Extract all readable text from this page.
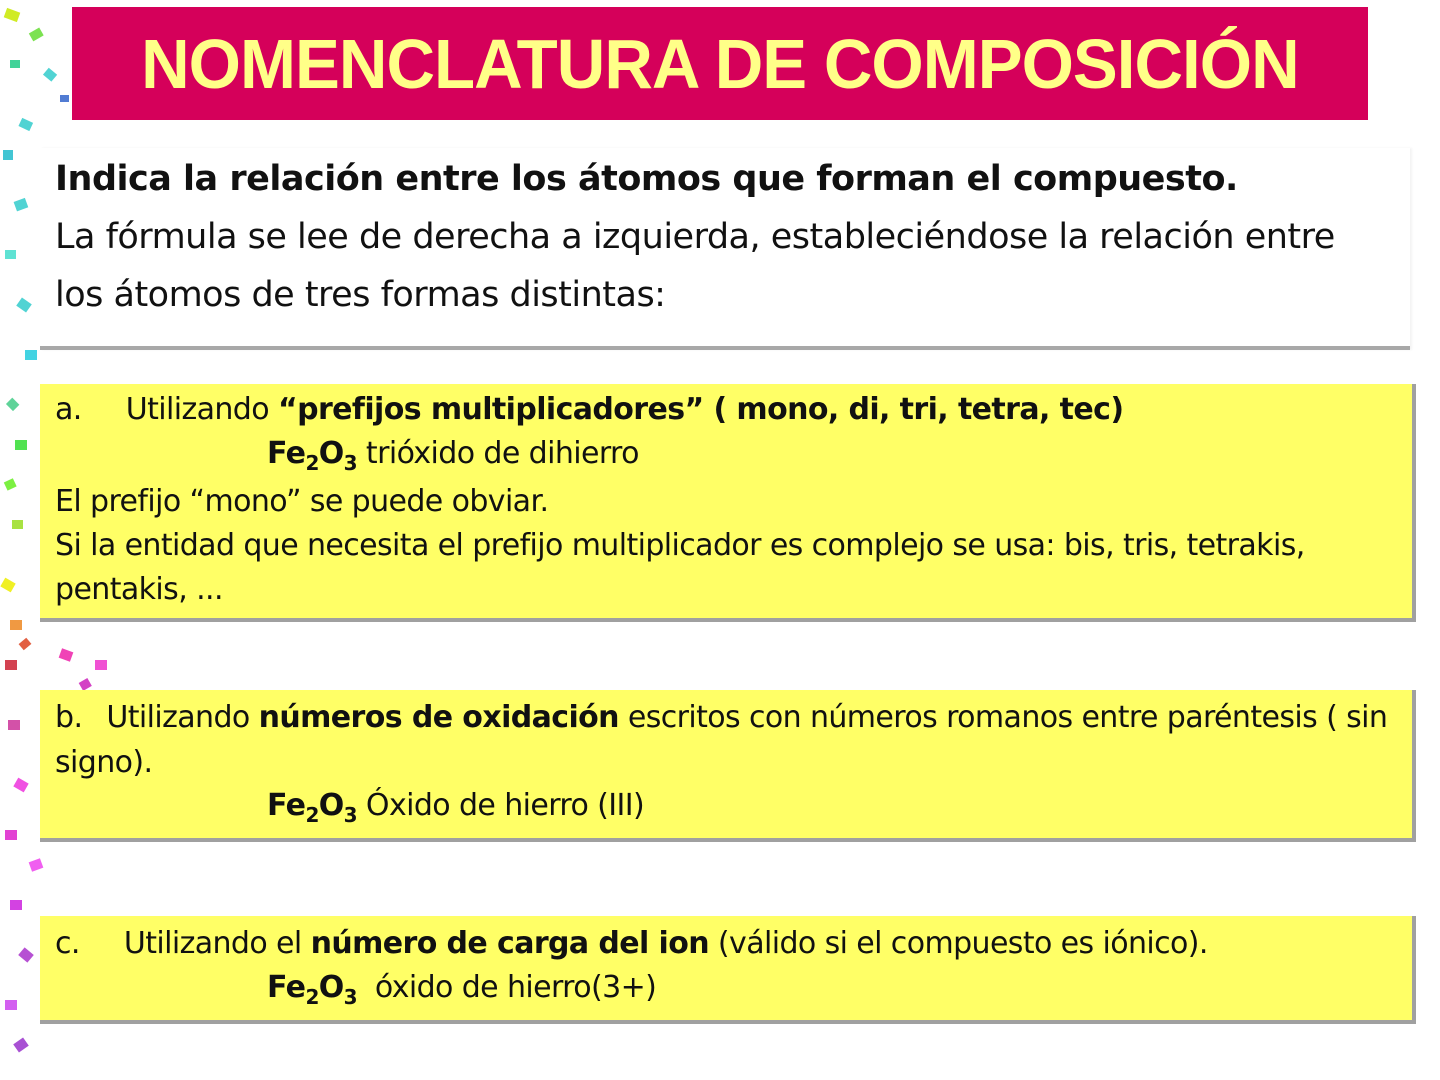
NOMENCLATURA DE COMPOSICIÓN

Indica la relación entre los átomos que forman el compuesto.

La fórmula se lee de derecha a izquierda, estableciéndose la relación entre

los átomos de tres formas distintas:

a. Utilizando “prefijos multiplicadores” ( mono, di, tri, tetra, tec)
$Fe_2O_3$ trióxido de dihierro
El prefijo “mono” se puede obviar.
Si la entidad que necesita el prefijo multiplicador es complejo se usa: bis, tris, tetrakis,
pentakis, ...
b. Utilizando números de oxidación escritos con números romanos entre paréntesis ( sin
signo).
$Fe_2O_3$ Óxido de hierro (III)
c. Utilizando el número de carga del ion (válido si el compuesto es iónico).
$Fe_2O_3$  óxido de hierro(3+)
